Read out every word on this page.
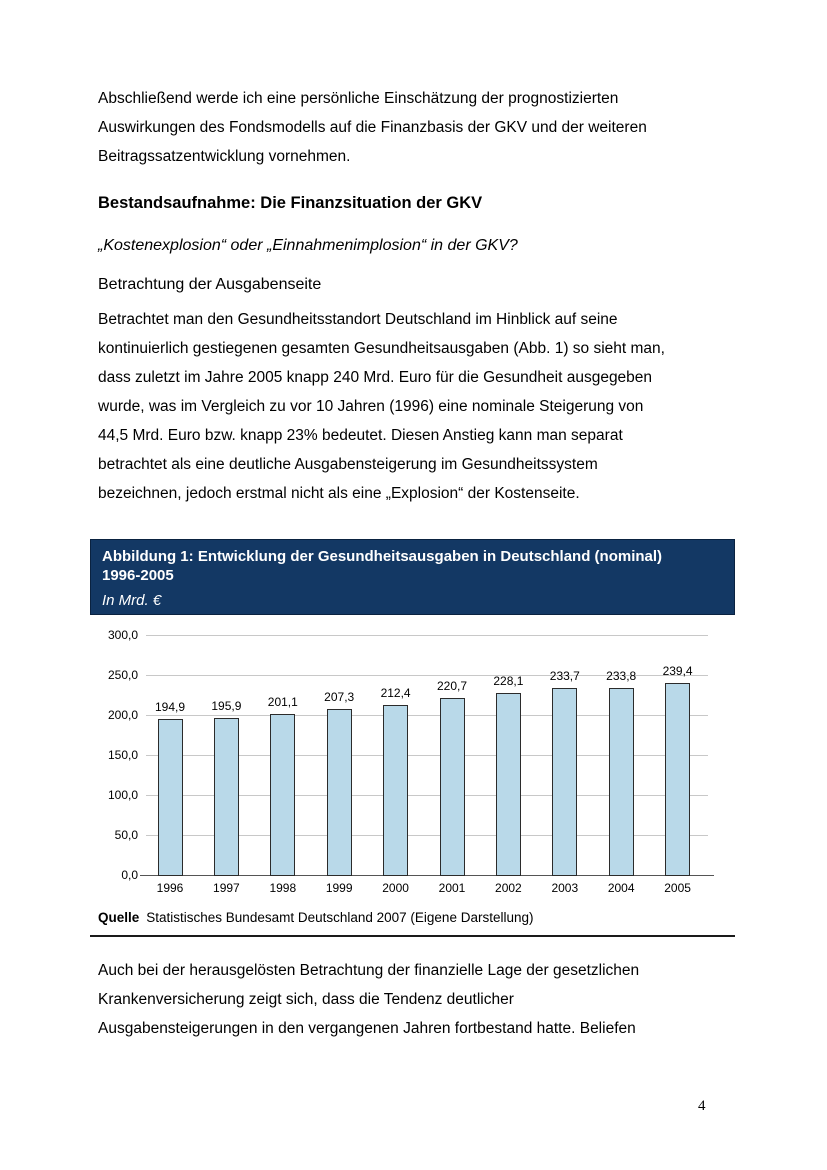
Abschließend werde ich eine persönliche Einschätzung der prognostizierten
Auswirkungen des Fondsmodells auf die Finanzbasis der GKV und der weiteren
Beitragssatzentwicklung vornehmen.
Bestandsaufnahme: Die Finanzsituation der GKV
„Kostenexplosion“ oder „Einnahmenimplosion“ in der GKV?
Betrachtung der Ausgabenseite
Betrachtet man den Gesundheitsstandort Deutschland im Hinblick auf seine
kontinuierlich gestiegenen gesamten Gesundheitsausgaben (Abb. 1) so sieht man,
dass zuletzt im Jahre 2005 knapp 240 Mrd. Euro für die Gesundheit ausgegeben
wurde, was im Vergleich zu vor 10 Jahren (1996) eine nominale Steigerung von
44,5 Mrd. Euro bzw. knapp 23% bedeutet. Diesen Anstieg kann man separat
betrachtet als eine deutliche Ausgabensteigerung im Gesundheitssystem
bezeichnen, jedoch erstmal nicht als eine „Explosion“ der Kostenseite.
Abbildung 1: Entwicklung der Gesundheitsausgaben in Deutschland (nominal)
1996-2005
In Mrd. €
300,0
250,0
200,0
150,0
100,0
50,0
0,0
194,9
1996
195,9
1997
201,1
1998
207,3
1999
212,4
2000
220,7
2001
228,1
2002
233,7
2003
233,8
2004
239,4
2005
Quelle Statistisches Bundesamt Deutschland 2007 (Eigene Darstellung)
Auch bei der herausgelösten Betrachtung der finanzielle Lage der gesetzlichen
Krankenversicherung zeigt sich, dass die Tendenz deutlicher
Ausgabensteigerungen in den vergangenen Jahren fortbestand hatte. Beliefen
4
